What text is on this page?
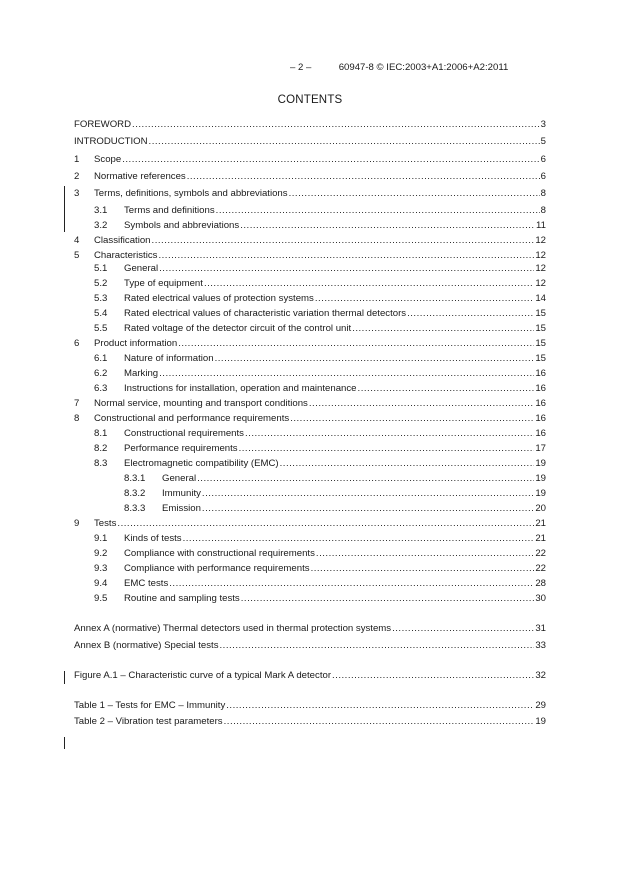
– 2 –	60947-8 © IEC:2003+A1:2006+A2:2011
CONTENTS
FOREWORD .....	3
INTRODUCTION .....	5
1	Scope .....	6
2	Normative references .....	6
3	Terms, definitions, symbols and abbreviations .....	8
3.1	Terms and definitions .....	8
3.2	Symbols and abbreviations .....	11
4	Classification .....	12
5	Characteristics .....	12
5.1	General .....	12
5.2	Type of equipment .....	12
5.3	Rated electrical values of protection systems .....	14
5.4	Rated electrical values of characteristic variation thermal detectors .....	15
5.5	Rated voltage of the detector circuit of the control unit .....	15
6	Product information .....	15
6.1	Nature of information .....	15
6.2	Marking .....	16
6.3	Instructions for installation, operation and maintenance .....	16
7	Normal service, mounting and transport conditions .....	16
8	Constructional and performance requirements .....	16
8.1	Constructional requirements .....	16
8.2	Performance requirements .....	17
8.3	Electromagnetic compatibility (EMC) .....	19
8.3.1	General .....	19
8.3.2	Immunity .....	19
8.3.3	Emission .....	20
9	Tests .....	21
9.1	Kinds of tests .....	21
9.2	Compliance with constructional requirements .....	22
9.3	Compliance with performance requirements .....	22
9.4	EMC tests .....	28
9.5	Routine and sampling tests .....	30
Annex A (normative) Thermal detectors used in thermal protection systems .....	31
Annex B (normative) Special tests .....	33
Figure A.1 – Characteristic curve of a typical Mark A detector .....	32
Table 1 – Tests for EMC – Immunity .....	29
Table 2 – Vibration test parameters .....	19
